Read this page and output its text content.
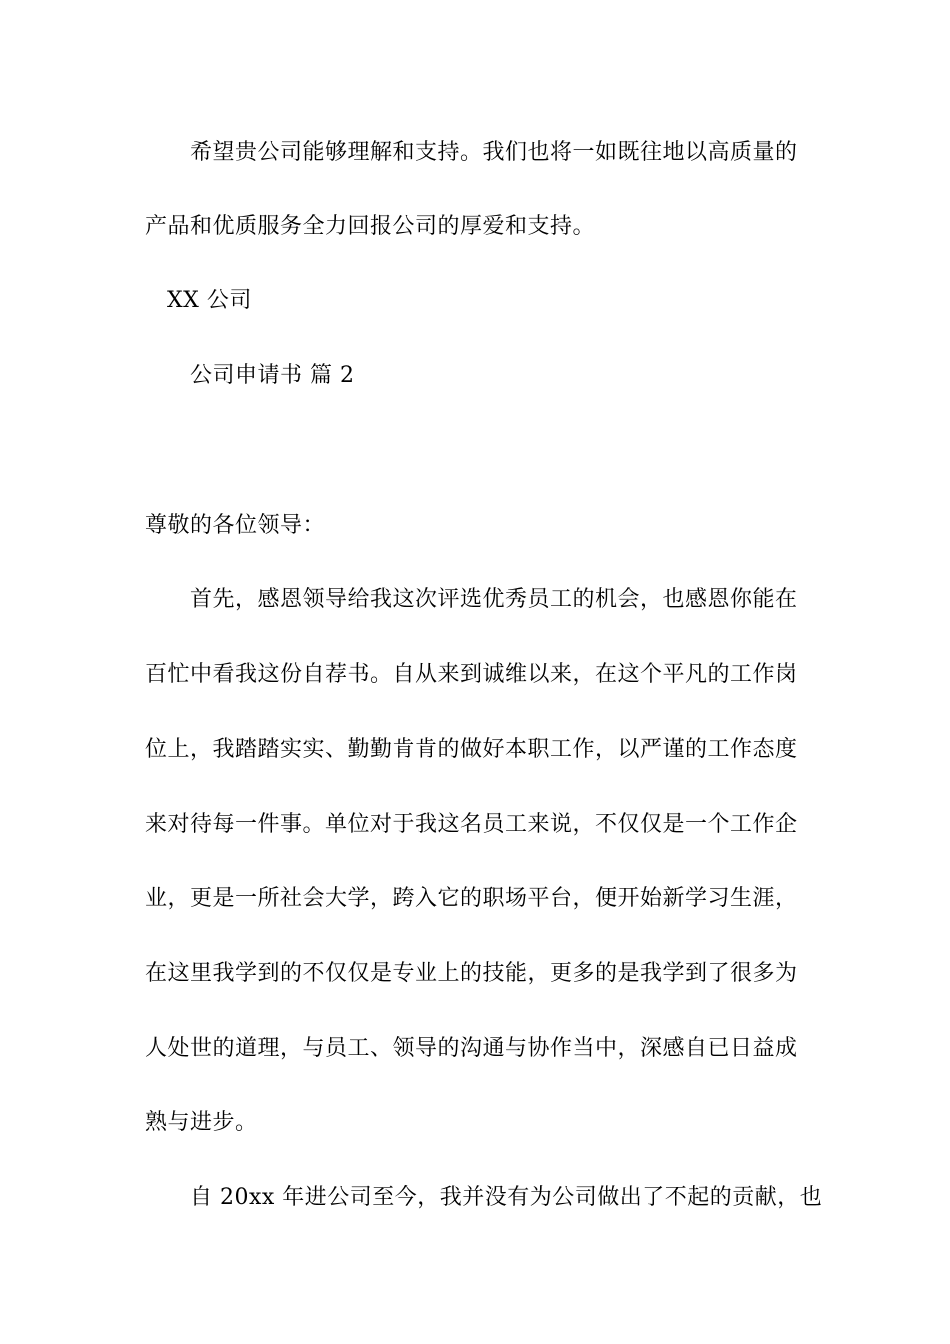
希望贵公司能够理解和支持。我们也将一如既往地以高质量的
产品和优质服务全力回报公司的厚爱和支持。
XX 公司
公司申请书 篇 2
尊敬的各位领导：
首先，感恩领导给我这次评选优秀员工的机会，也感恩你能在
百忙中看我这份自荐书。自从来到诚维以来，在这个平凡的工作岗
位上，我踏踏实实、勤勤肯肯的做好本职工作，以严谨的工作态度
来对待每一件事。单位对于我这名员工来说，不仅仅是一个工作企
业，更是一所社会大学，跨入它的职场平台，便开始新学习生涯，
在这里我学到的不仅仅是专业上的技能，更多的是我学到了很多为
人处世的道理，与员工、领导的沟通与协作当中，深感自已日益成
熟与进步。
自 20xx 年进公司至今，我并没有为公司做出了不起的贡献，也
